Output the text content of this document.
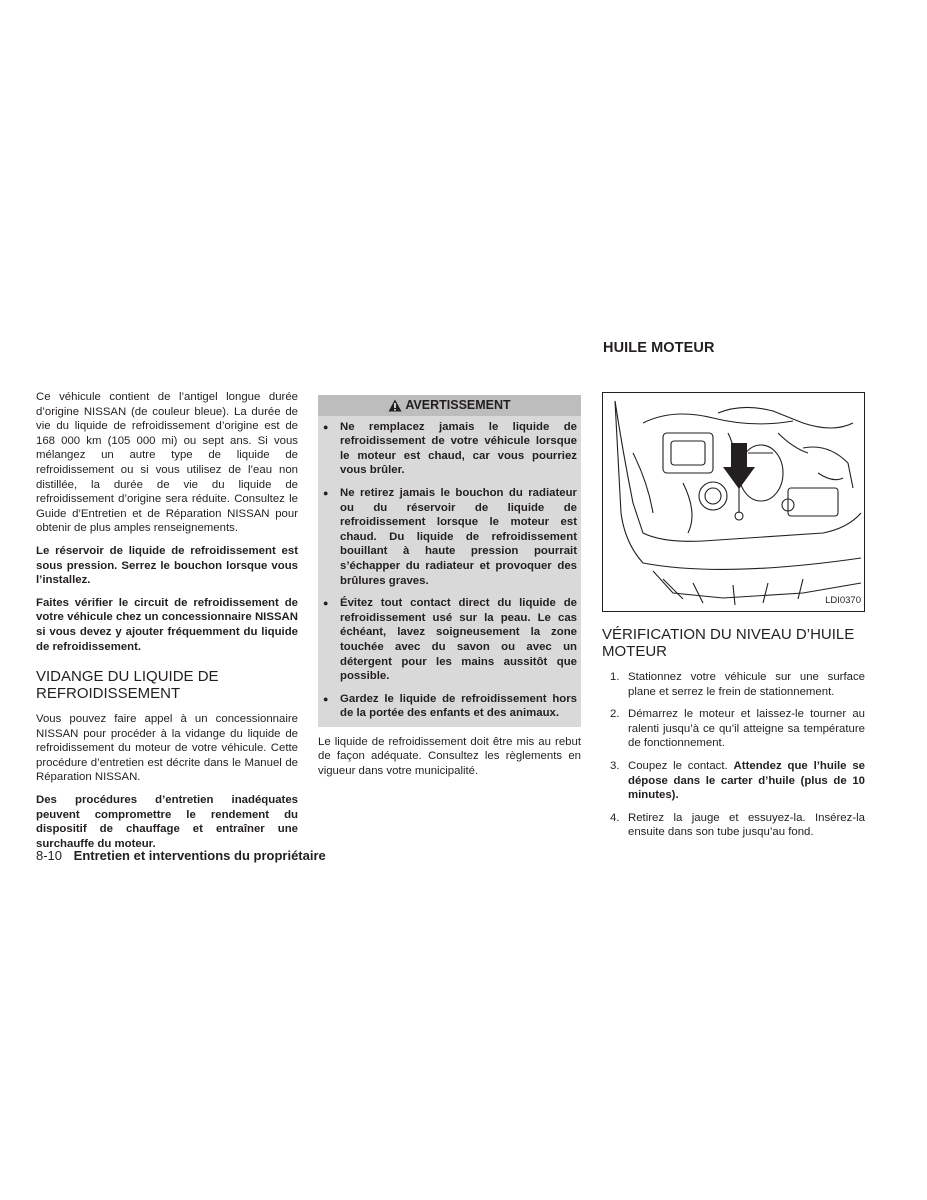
HUILE MOTEUR

Ce véhicule contient de l’antigel longue durée d’origine NISSAN (de couleur bleue). La durée de vie du liquide de refroidissement d’origine est de 168 000 km (105 000 mi) ou sept ans. Si vous mélangez un autre type de liquide de refroidissement ou si vous utilisez de l’eau non distillée, la durée de vie du liquide de refroidissement d’origine sera réduite. Consultez le Guide d’Entretien et de Réparation NISSAN pour obtenir de plus amples renseignements.

Le réservoir de liquide de refroidissement est sous pression. Serrez le bouchon lorsque vous l’installez.

Faites vérifier le circuit de refroidissement de votre véhicule chez un concessionnaire NISSAN si vous devez y ajouter fréquemment du liquide de refroidissement.

VIDANGE DU LIQUIDE DE REFROIDISSEMENT

Vous pouvez faire appel à un concessionnaire NISSAN pour procéder à la vidange du liquide de refroidissement du moteur de votre véhicule. Cette procédure d’entretien est décrite dans le Manuel de Réparation NISSAN.

Des procédures d’entretien inadéquates peuvent compromettre le rendement du dispositif de chauffage et entraîner une surchauffe du moteur.

AVERTISSEMENT
● Ne remplacez jamais le liquide de refroidissement de votre véhicule lorsque le moteur est chaud, car vous pourriez vous brûler.
● Ne retirez jamais le bouchon du radiateur ou du réservoir de liquide de refroidissement lorsque le moteur est chaud. Du liquide de refroidissement bouillant à haute pression pourrait s’échapper du radiateur et provoquer des brûlures graves.
● Évitez tout contact direct du liquide de refroidissement usé sur la peau. Le cas échéant, lavez soigneusement la zone touchée avec du savon ou avec un détergent pour les mains aussitôt que possible.
● Gardez le liquide de refroidissement hors de la portée des enfants et des animaux.

Le liquide de refroidissement doit être mis au rebut de façon adéquate. Consultez les règlements en vigueur dans votre municipalité.

LDI0370
VÉRIFICATION DU NIVEAU D’HUILE MOTEUR
1. Stationnez votre véhicule sur une surface plane et serrez le frein de stationnement.
2. Démarrez le moteur et laissez-le tourner au ralenti jusqu’à ce qu’il atteigne sa température de fonctionnement.
3. Coupez le contact. Attendez que l’huile se dépose dans le carter d’huile (plus de 10 minutes).
4. Retirez la jauge et essuyez-la. Insérez-la ensuite dans son tube jusqu’au fond.
8-10 Entretien et interventions du propriétaire
